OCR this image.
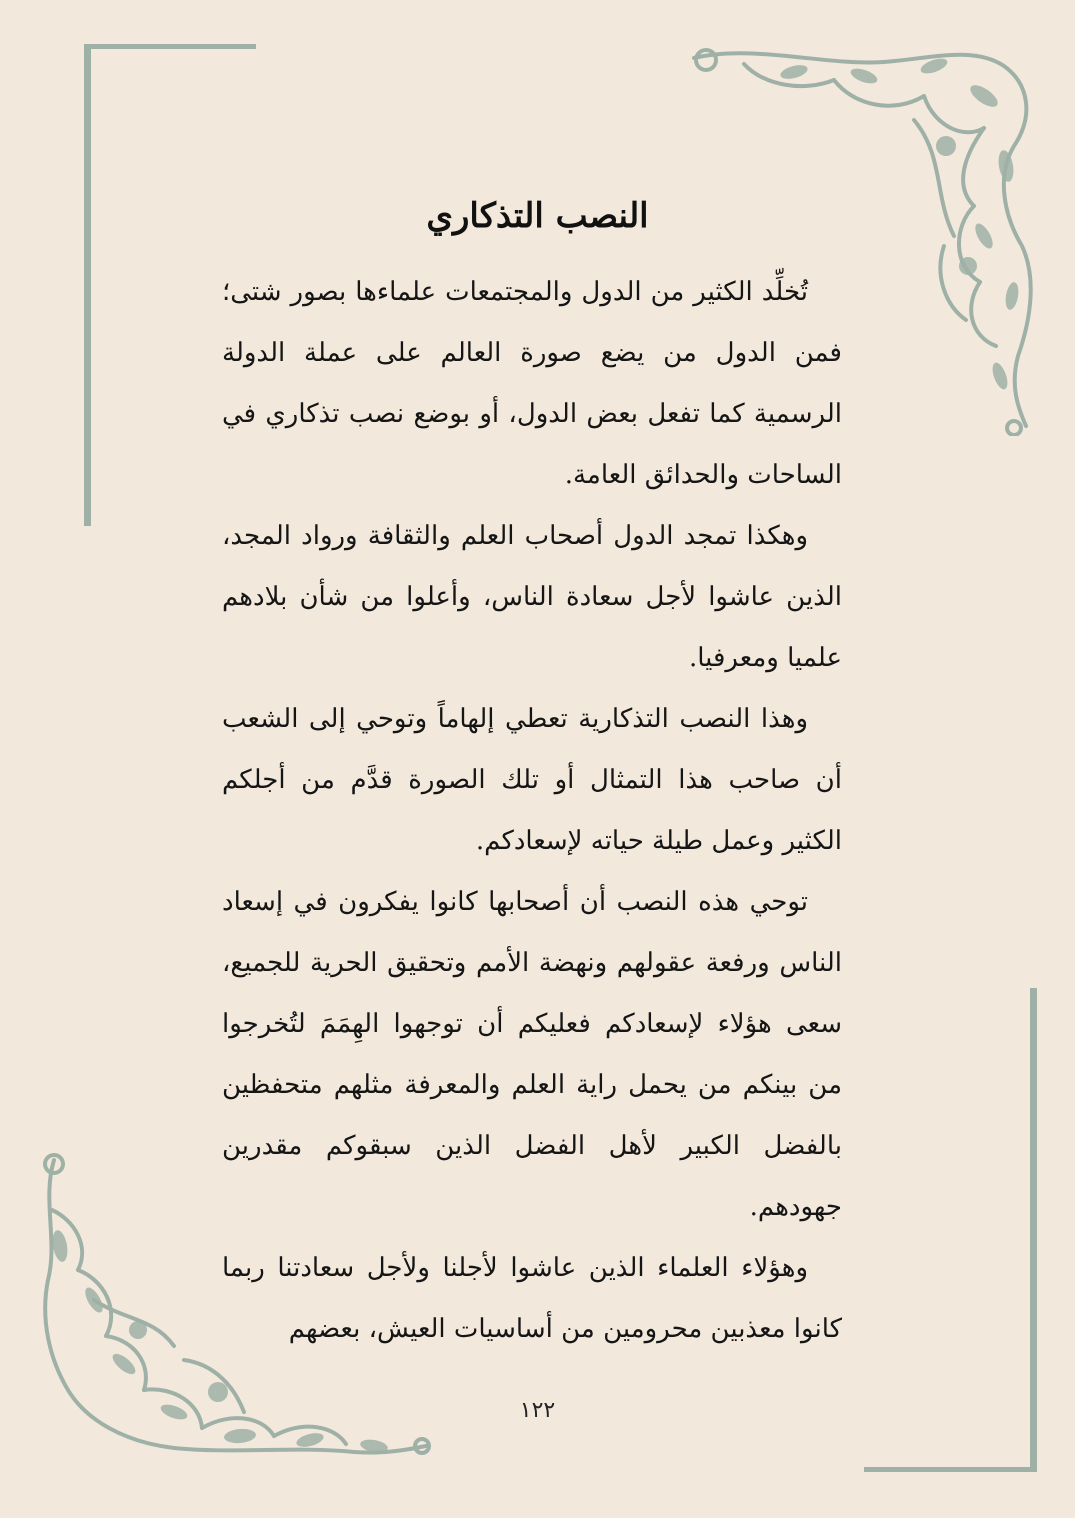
النصب التذكاري

تُخلِّد الكثير من الدول والمجتمعات علماءها بصور شتى؛ فمن الدول من يضع صورة العالم على عملة الدولة الرسمية كما تفعل بعض الدول، أو بوضع نصب تذكاري في الساحات والحدائق العامة.

وهكذا تمجد الدول أصحاب العلم والثقافة ورواد المجد، الذين عاشوا لأجل سعادة الناس، وأعلوا من شأن بلادهم علميا ومعرفيا.

وهذا النصب التذكارية تعطي إلهاماً وتوحي إلى الشعب أن صاحب هذا التمثال أو تلك الصورة قدَّم من أجلكم الكثير وعمل طيلة حياته لإسعادكم.

توحي هذه النصب أن أصحابها كانوا يفكرون في إسعاد الناس ورفعة عقولهم ونهضة الأمم وتحقيق الحرية للجميع، سعى هؤلاء لإسعادكم فعليكم أن توجهوا الهِمَمَ لتُخرجوا من بينكم من يحمل راية العلم والمعرفة مثلهم متحفظين بالفضل الكبير لأهل الفضل الذين سبقوكم مقدرين جهودهم.

وهؤلاء العلماء الذين عاشوا لأجلنا ولأجل سعادتنا ربما كانوا معذبين محرومين من أساسيات العيش، بعضهم

١٢٢
